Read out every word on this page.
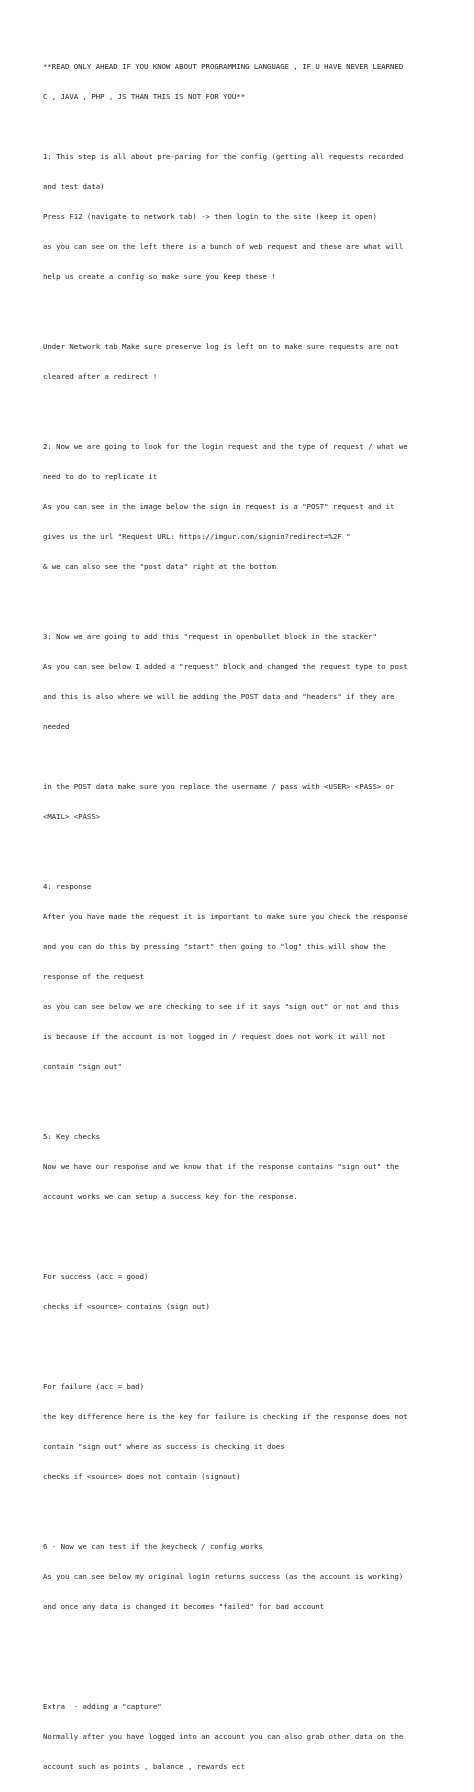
**READ ONLY AHEAD IF YOU KNOW ABOUT PROGRAMMING LANGUAGE , IF U HAVE NEVER LEARNED

C , JAVA , PHP , JS THAN THIS IS NOT FOR YOU**

1: This step is all about pre-paring for the config (getting all requests recorded

and test data)

Press F12 (navigate to network tab) -> then login to the site (keep it open)

as you can see on the left there is a bunch of web request and these are what will

help us create a config so make sure you keep these !

Under Network tab Make sure preserve log is left on to make sure requests are not

cleared after a redirect !

2: Now we are going to look for the login request and the type of request / what we

need to do to replicate it

As you can see in the image below the sign in request is a "POST" request and it

gives us the url "Request URL: https://imgur.com/signin?redirect=%2F "

& we can also see the "post data" right at the bottom

3: Now we are going to add this "request in openbullet block in the stacker"

As you can see below I added a "request" block and changed the request type to post

and this is also where we will be adding the POST data and "headers" if they are

needed

in the POST data make sure you replace the username / pass with <USER> <PASS> or

<MAIL> <PASS>

4: response

After you have made the request it is important to make sure you check the response

and you can do this by pressing "start" then going to "log" this will show the

response of the request

as you can see below we are checking to see if it says "sign out" or not and this

is because if the account is not logged in / request does not work it will not

contain "sign out"

5: Key checks

Now we have our response and we know that if the response contains "sign out" the

account works we can setup a success key for the response.

For success (acc = good)

checks if <source> contains (sign out)

For failure (acc = bad)

the key difference here is the key for failure is checking if the response does not

contain "sign out" where as success is checking it does

checks if <source> does not contain (signout)

6 - Now we can test if the keycheck / config works

As you can see below my original login returns success (as the account is working)

and once any data is changed it becomes "failed" for bad account

Extra  - adding a "capture"

Normally after you have logged into an account you can also grab other data on the

account such as points , balance , rewards ect
